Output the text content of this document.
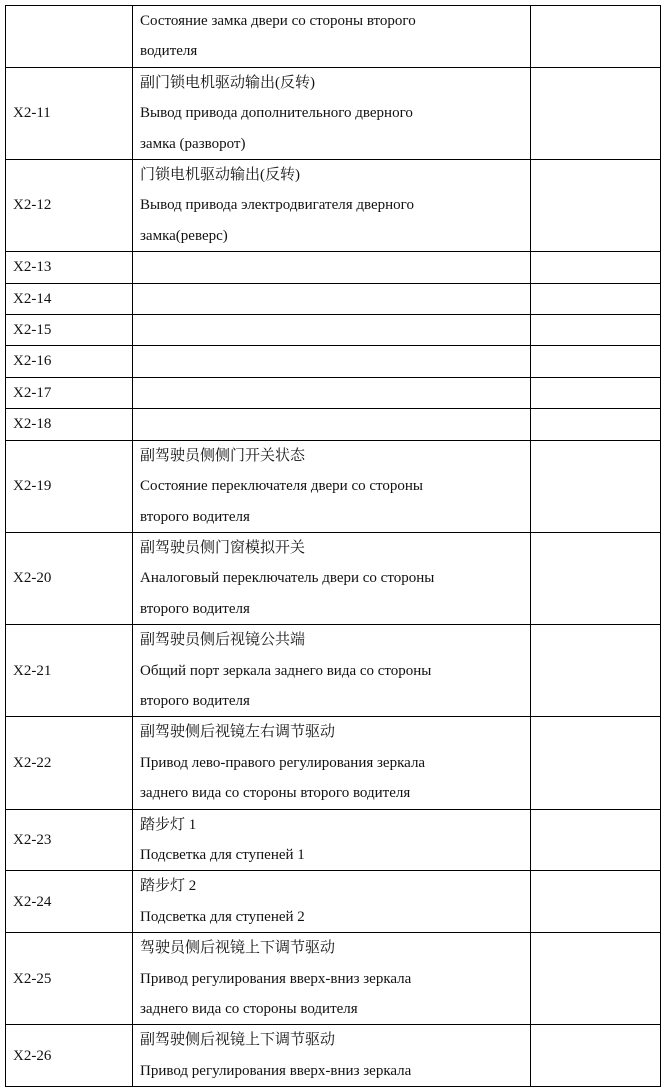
	Состояние замка двери со стороны второго
водителя	

X2-11	副门锁电机驱动输出(反转)
Вывод привода дополнительного дверного
замка (разворот)	

X2-12	门锁电机驱动输出(反转)
Вывод привода электродвигателя дверного
замка(реверс)	

X2-13		
X2-14		
X2-15		
X2-16		
X2-17		
X2-18		
X2-19	副驾驶员侧侧门开关状态
Состояние переключателя двери со стороны
второго водителя	

X2-20	副驾驶员侧门窗模拟开关
Аналоговый переключатель двери со стороны
второго водителя	

X2-21	副驾驶员侧后视镜公共端
Общий порт зеркала заднего вида со стороны
второго водителя	

X2-22	副驾驶侧后视镜左右调节驱动
Привод лево-правого регулирования зеркала
заднего вида со стороны второго водителя	

X2-23	踏步灯 1
Подсветка для ступеней 1	

X2-24	踏步灯 2
Подсветка для ступеней 2	

X2-25	驾驶员侧后视镜上下调节驱动
Привод регулирования вверх-вниз зеркала
заднего вида со стороны водителя	

X2-26	副驾驶侧后视镜上下调节驱动
Привод регулирования вверх-вниз зеркала	
